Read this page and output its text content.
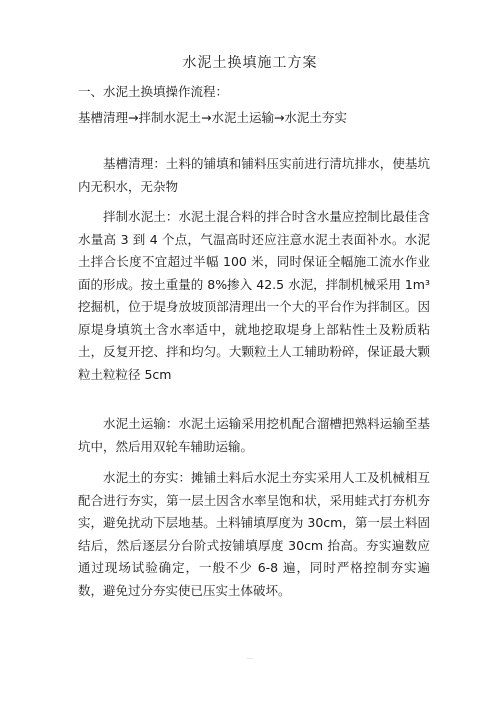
水泥土换填施工方案
一、水泥土换填操作流程：
基槽清理→拌制水泥土→水泥土运输→水泥土夯实

基槽清理：土料的铺填和铺料压实前进行清坑排水，使基坑内无积水，无杂物

拌制水泥土：水泥土混合料的拌合时含水量应控制比最佳含水量高 3 到 4 个点，气温高时还应注意水泥土表面补水。水泥土拌合长度不宜超过半幅 100 米，同时保证全幅施工流水作业面的形成。按土重量的 8%掺入 42.5 水泥，拌制机械采用 1m³ 挖掘机，位于堤身放坡顶部清理出一个大的平台作为拌制区。因原堤身填筑土含水率适中，就地挖取堤身上部粘性土及粉质粘土，反复开挖、拌和均匀。大颗粒土人工辅助粉碎，保证最大颗粒土粒粒径 5cm

水泥土运输：水泥土运输采用挖机配合溜槽把熟料运输至基坑中，然后用双轮车辅助运输。

水泥土的夯实：摊铺土料后水泥土夯实采用人工及机械相互配合进行夯实，第一层土因含水率呈饱和状，采用蛙式打夯机夯实，避免扰动下层地基。土料铺填厚度为 30cm，第一层土料固结后，然后逐层分台阶式按铺填厚度 30cm 抬高。夯实遍数应通过现场试验确定，一般不少 6-8 遍，同时严格控制夯实遍数，避免过分夯实使已压实土体破坏。
